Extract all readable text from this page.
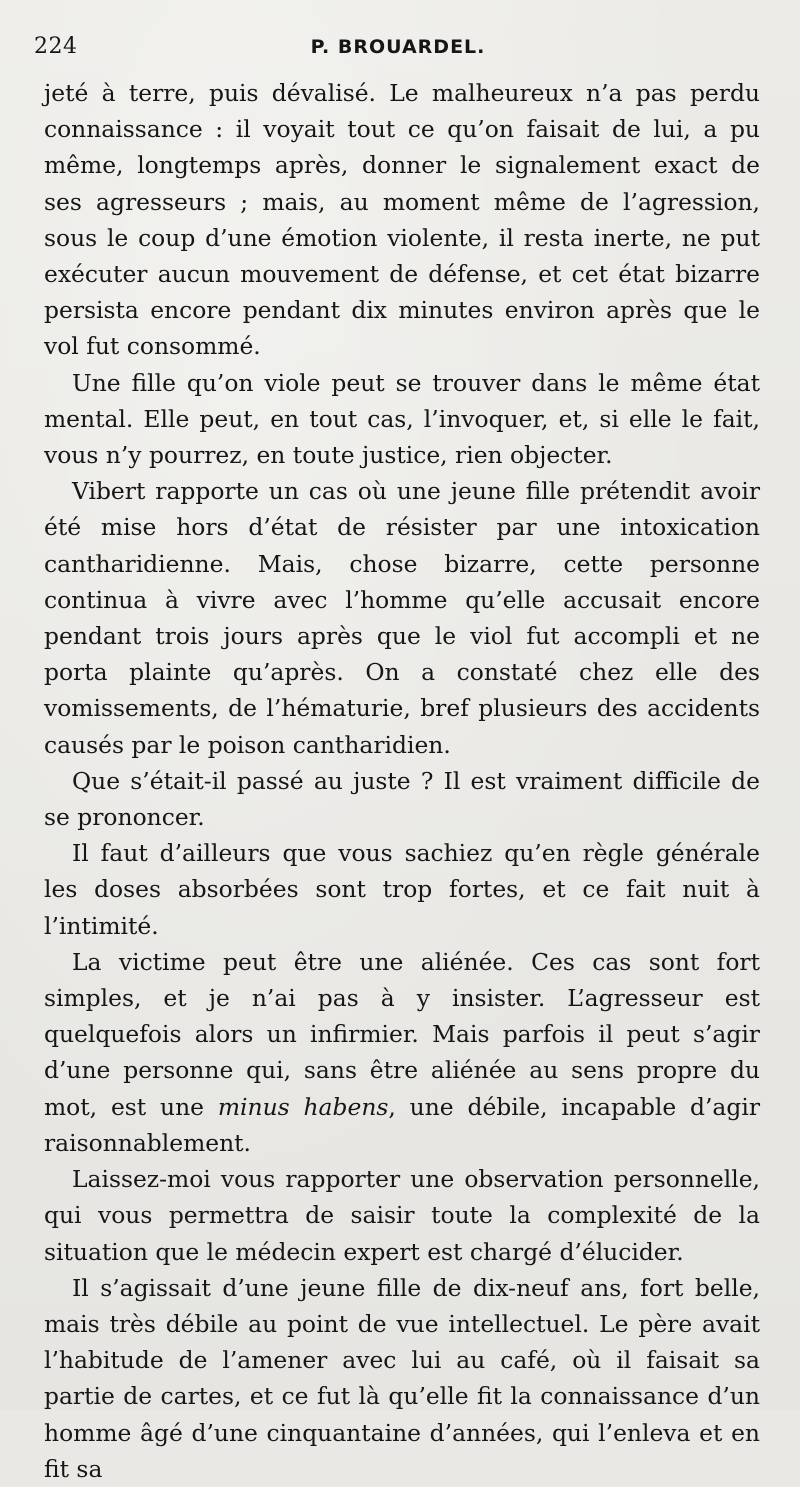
224	P. BROUARDEL.

jeté à terre, puis dévalisé. Le malheureux n’a pas perdu connaissance : il voyait tout ce qu’on faisait de lui, a pu même, longtemps après, donner le signalement exact de ses agresseurs ; mais, au moment même de l’agression, sous le coup d’une émotion violente, il resta inerte, ne put exécuter aucun mouvement de défense, et cet état bizarre persista encore pendant dix minutes environ après que le vol fut consommé.

Une fille qu’on viole peut se trouver dans le même état mental. Elle peut, en tout cas, l’invoquer, et, si elle le fait, vous n’y pourrez, en toute justice, rien objecter.

Vibert rapporte un cas où une jeune fille prétendit avoir été mise hors d’état de résister par une intoxication cantharidienne. Mais, chose bizarre, cette personne continua à vivre avec l’homme qu’elle accusait encore pendant trois jours après que le viol fut accompli et ne porta plainte qu’après. On a constaté chez elle des vomissements, de l’hématurie, bref plusieurs des accidents causés par le poison cantharidien.

Que s’était-il passé au juste ? Il est vraiment difficile de se prononcer.

Il faut d’ailleurs que vous sachiez qu’en règle générale les doses absorbées sont trop fortes, et ce fait nuit à l’intimité.

La victime peut être une aliénée. Ces cas sont fort simples, et je n’ai pas à y insister. L’agresseur est quelquefois alors un infirmier. Mais parfois il peut s’agir d’une personne qui, sans être aliénée au sens propre du mot, est une minus habens, une débile, incapable d’agir raisonnablement.

Laissez-moi vous rapporter une observation personnelle, qui vous permettra de saisir toute la complexité de la situation que le médecin expert est chargé d’élucider.

Il s’agissait d’une jeune fille de dix-neuf ans, fort belle, mais très débile au point de vue intellectuel. Le père avait l’habitude de l’amener avec lui au café, où il faisait sa partie de cartes, et ce fut là qu’elle fit la connaissance d’un homme âgé d’une cinquantaine d’années, qui l’enleva et en fit sa
